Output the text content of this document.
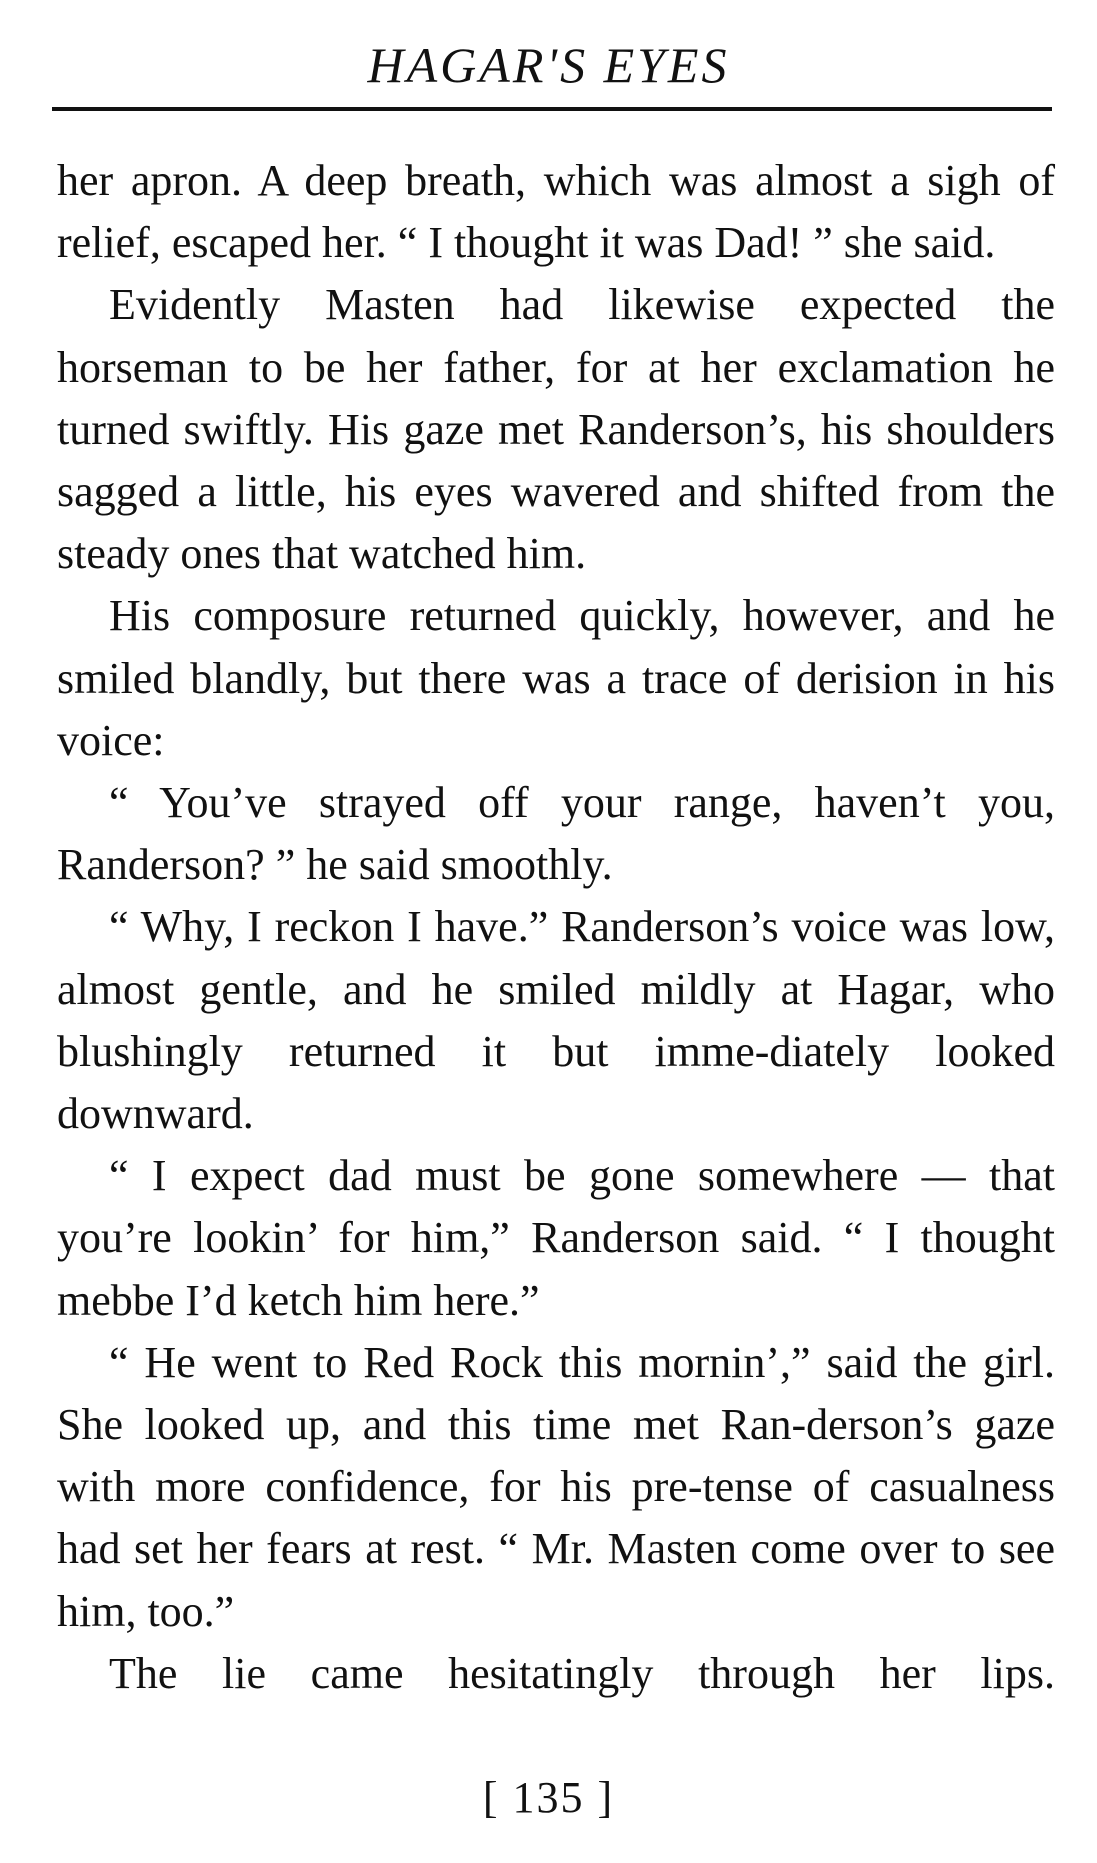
HAGAR'S EYES

her apron. A deep breath, which was almost a sigh of relief, escaped her. “ I thought it was Dad! ” she said.

Evidently Masten had likewise expected the horseman to be her father, for at her exclamation he turned swiftly. His gaze met Randerson’s, his shoulders sagged a little, his eyes wavered and shifted from the steady ones that watched him.

His composure returned quickly, however, and he smiled blandly, but there was a trace of derision in his voice:

“ You’ve strayed off your range, haven’t you, Randerson? ” he said smoothly.

“ Why, I reckon I have.” Randerson’s voice was low, almost gentle, and he smiled mildly at Hagar, who blushingly returned it but imme-diately looked downward.

“ I expect dad must be gone somewhere — that you’re lookin’ for him,” Randerson said. “ I thought mebbe I’d ketch him here.”

“ He went to Red Rock this mornin’,” said the girl. She looked up, and this time met Ran-derson’s gaze with more confidence, for his pre-tense of casualness had set her fears at rest. “ Mr. Masten come over to see him, too.”

The lie came hesitatingly through her lips.

[ 135 ]
